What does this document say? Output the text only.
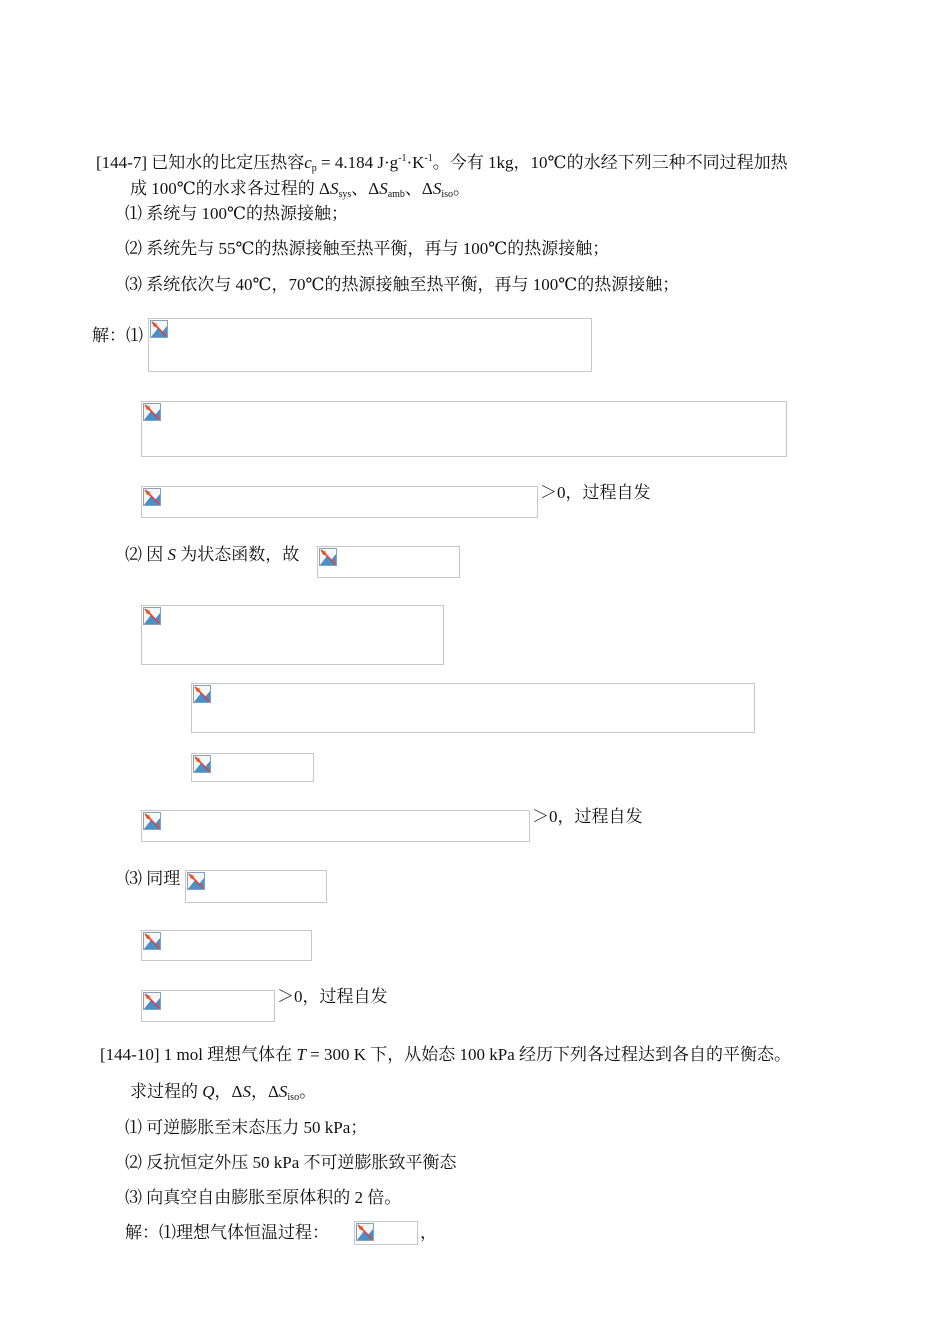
[144-7] 已知水的比定压热容cp = 4.184 $J\cdot g^{-1}\cdot K^{-1}$。今有 1kg，10℃的水经下列三种不同过程加热
成 100℃的水求各过程的 ΔSsys、ΔSamb、ΔSiso。
⑴ 系统与 100℃的热源接触；
⑵ 系统先与 55℃的热源接触至热平衡，再与 100℃的热源接触；
⑶ 系统依次与 40℃，70℃的热源接触至热平衡，再与 100℃的热源接触；
解：⑴
＞0，过程自发
⑵ 因 S 为状态函数，故
＞0，过程自发
⑶ 同理
＞0，过程自发
[144-10] 1 mol 理想气体在 T = 300 K 下，从始态 100 kPa 经历下列各过程达到各自的平衡态。
求过程的 Q，ΔS，ΔSiso。
⑴ 可逆膨胀至末态压力 50 kPa；
⑵ 反抗恒定外压 50 kPa 不可逆膨胀致平衡态
⑶ 向真空自由膨胀至原体积的 2 倍。
解：⑴理想气体恒温过程：	，
